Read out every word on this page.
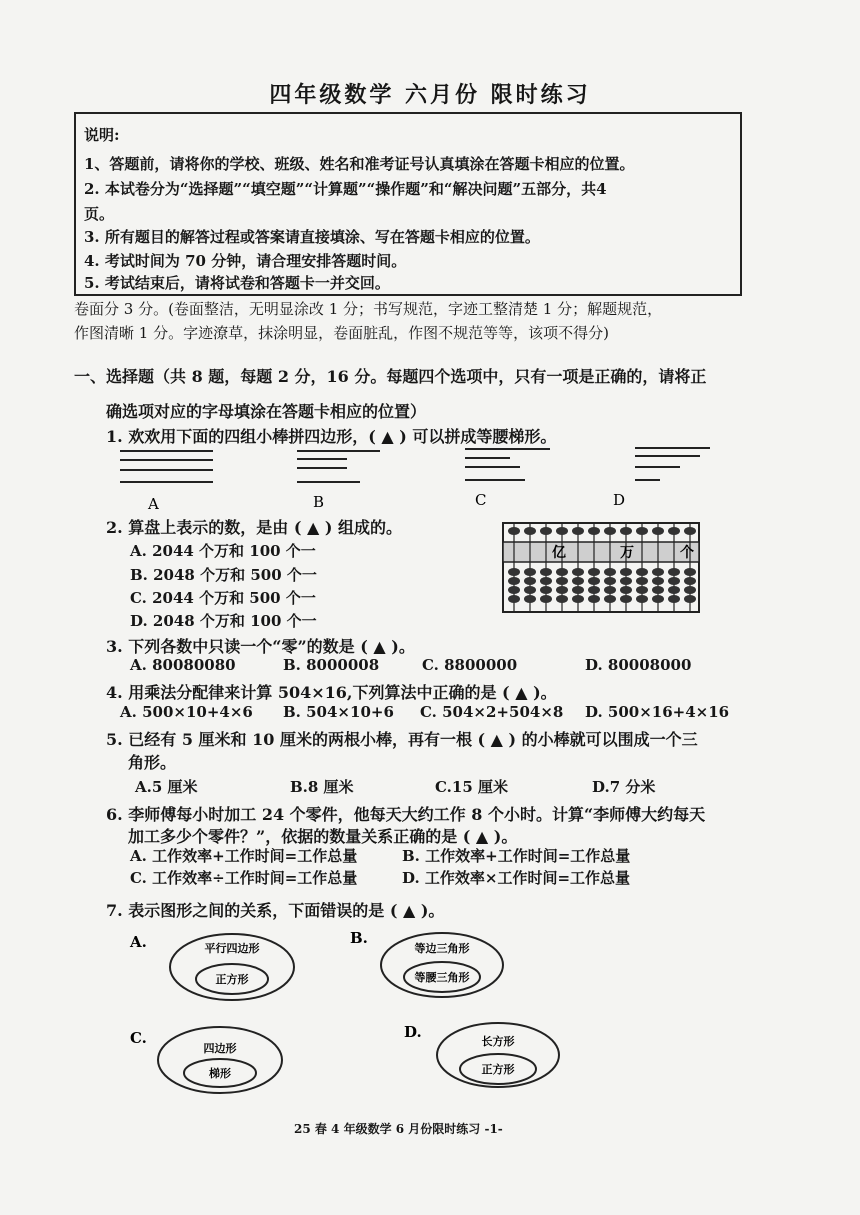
四年级数学 六月份 限时练习
说明:
1、答题前，请将你的学校、班级、姓名和准考证号认真填涂在答题卡相应的位置。
2. 本试卷分为“选择题”“填空题”“计算题”“操作题”和“解决问题”五部分，共4
页。
3. 所有题目的解答过程或答案请直接填涂、写在答题卡相应的位置。
4. 考试时间为 70 分钟，请合理安排答题时间。
5. 考试结束后，请将试卷和答题卡一并交回。
卷面分 3 分。(卷面整洁，无明显涂改 1 分；书写规范，字迹工整清楚 1 分；解题规范，
作图清晰 1 分。字迹潦草，抹涂明显，卷面脏乱，作图不规范等等，该项不得分)
一、选择题（共 8 题，每题 2 分，16 分。每题四个选项中，只有一项是正确的，请将正
确选项对应的字母填涂在答题卡相应的位置）
1. 欢欢用下面的四组小棒拼四边形，( ▲ ) 可以拼成等腰梯形。
A	B	C	D
2. 算盘上表示的数，是由 ( ▲ ) 组成的。
A. 2044 个万和 100 个一
B. 2048 个万和 500 个一
C. 2044 个万和 500 个一
D. 2048 个万和 100 个一
亿	万	个
3. 下列各数中只读一个“零”的数是 ( ▲ )。
A. 80080080	B. 8000008	C. 8800000	D. 80008000
4. 用乘法分配律来计算 504×16,下列算法中正确的是 ( ▲ )。
A. 500×10+4×6 B. 504×10+6 C. 504×2+504×8 D. 500×16+4×16
5. 已经有 5 厘米和 10 厘米的两根小棒，再有一根 ( ▲ ) 的小棒就可以围成一个三
角形。
A.5 厘米	B.8 厘米	C.15 厘米	D.7 分米
6. 李师傅每小时加工 24 个零件，他每天大约工作 8 个小时。计算“李师傅大约每天
加工多少个零件？”，依据的数量关系正确的是 ( ▲ )。
A. 工作效率+工作时间=工作总量	B. 工作效率+工作时间=工作总量
C. 工作效率÷工作时间=工作总量	D. 工作效率×工作时间=工作总量
7. 表示图形之间的关系，下面错误的是 ( ▲ )。
A.	平行四边形
正方形
B.
等边三角形
等腰三角形
C.
四边形
梯形
D.
长方形
正方形
25 春 4 年级数学 6 月份限时练习 -1-
